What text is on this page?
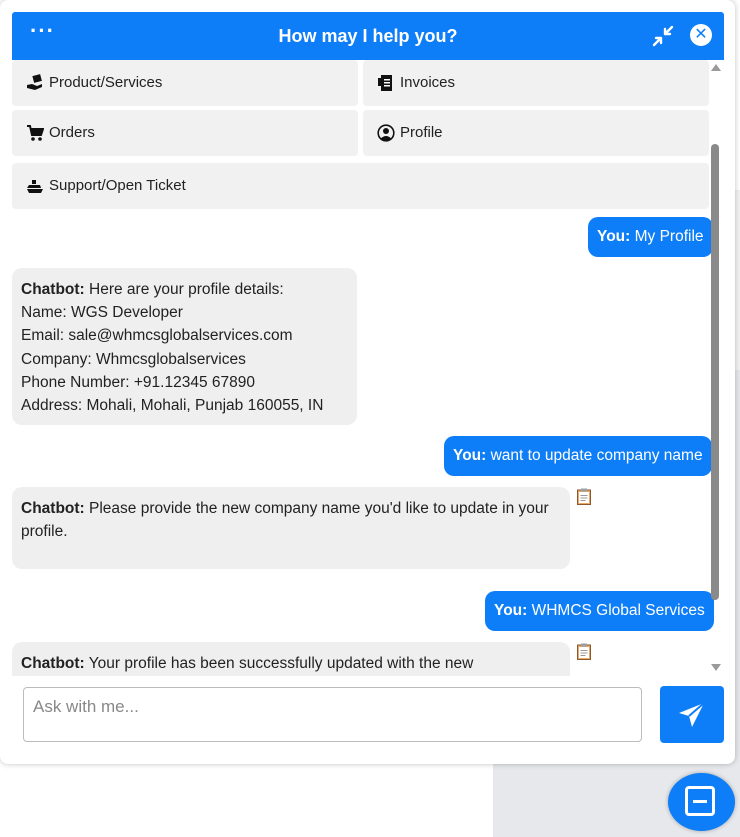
···	How may I help you?	✕
Product/Services	Invoices
Orders	Profile
Support/Open Ticket
You: My Profile
Chatbot: Here are your profile details:
Name: WGS Developer
Email: sale@whmcsglobalservices.com
Company: Whmcsglobalservices
Phone Number: +91.12345 67890
Address: Mohali, Mohali, Punjab 160055, IN
You: want to update company name
Chatbot: Please provide the new company name you'd like to update in your profile.
You: WHMCS Global Services
Chatbot: Your profile has been successfully updated with the new
Ask with me...
